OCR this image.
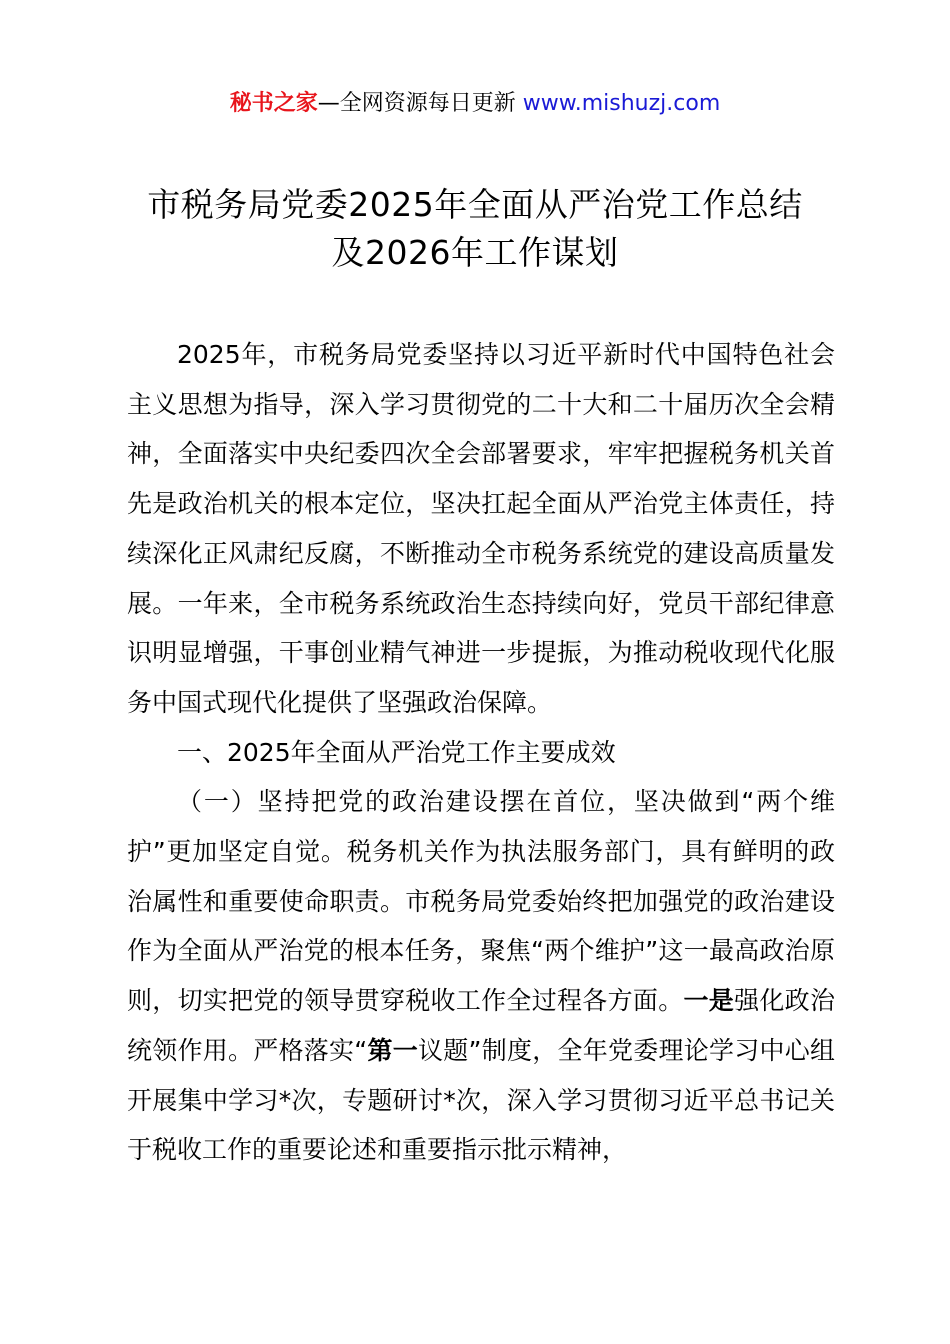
秘书之家—全网资源每日更新 www.mishuzj.com
市税务局党委2025年全面从严治党工作总结
及2026年工作谋划

2025年，市税务局党委坚持以习近平新时代中国特色社会主义思想为指导，深入学习贯彻党的二十大和二十届历次全会精神，全面落实中央纪委四次全会部署要求，牢牢把握税务机关首先是政治机关的根本定位，坚决扛起全面从严治党主体责任，持续深化正风肃纪反腐，不断推动全市税务系统党的建设高质量发展。一年来，全市税务系统政治生态持续向好，党员干部纪律意识明显增强，干事创业精气神进一步提振，为推动税收现代化服务中国式现代化提供了坚强政治保障。

一、2025年全面从严治党工作主要成效

（一）坚持把党的政治建设摆在首位，坚决做到“两个维护”更加坚定自觉。税务机关作为执法服务部门，具有鲜明的政治属性和重要使命职责。市税务局党委始终把加强党的政治建设作为全面从严治党的根本任务，聚焦“两个维护”这一最高政治原则，切实把党的领导贯穿税收工作全过程各方面。一是强化政治统领作用。严格落实“第一议题”制度，全年党委理论学习中心组开展集中学习*次，专题研讨*次，深入学习贯彻习近平总书记关于税收工作的重要论述和重要指示批示精神，
